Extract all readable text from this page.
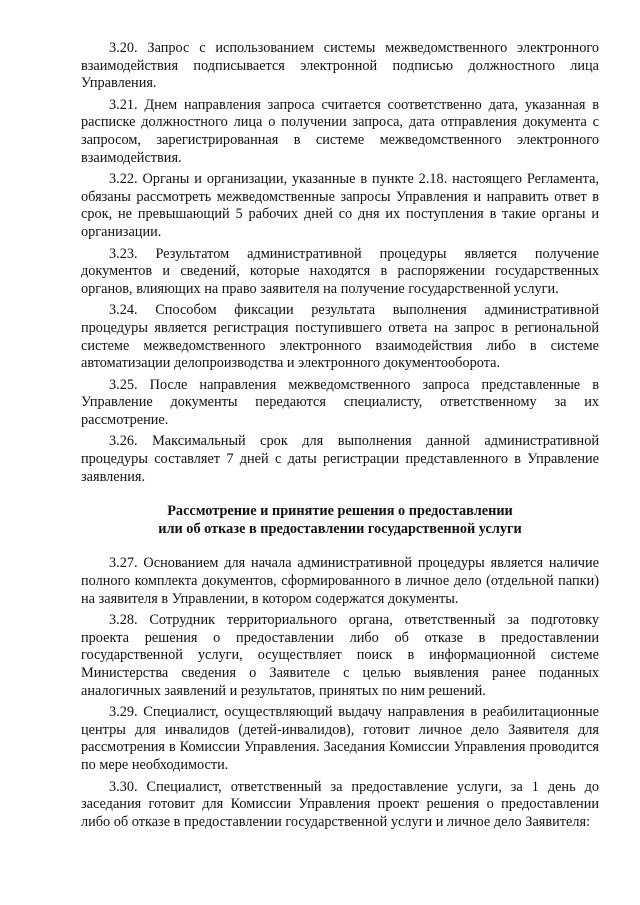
3.20. Запрос с использованием системы межведомственного электронного взаимодействия подписывается электронной подписью должностного лица Управления.

3.21. Днем направления запроса считается соответственно дата, указанная в расписке должностного лица о получении запроса, дата отправления документа с запросом, зарегистрированная в системе межведомственного электронного взаимодействия.

3.22. Органы и организации, указанные в пункте 2.18. настоящего Регламента, обязаны рассмотреть межведомственные запросы Управления и направить ответ в срок, не превышающий 5 рабочих дней со дня их поступления в такие органы и организации.

3.23. Результатом административной процедуры является получение документов и сведений, которые находятся в распоряжении государственных органов, влияющих на право заявителя на получение государственной услуги.

3.24. Способом фиксации результата выполнения административной процедуры является регистрация поступившего ответа на запрос в региональной системе межведомственного электронного взаимодействия либо в системе автоматизации делопроизводства и электронного документооборота.

3.25. После направления межведомственного запроса представленные в Управление документы передаются специалисту, ответственному за их рассмотрение.

3.26. Максимальный срок для выполнения данной административной процедуры составляет 7 дней с даты регистрации представленного в Управление заявления.

Рассмотрение и принятие решения о предоставлении
или об отказе в предоставлении государственной услуги

3.27. Основанием для начала административной процедуры является наличие полного комплекта документов, сформированного в личное дело (отдельной папки) на заявителя в Управлении, в котором содержатся документы.

3.28. Сотрудник территориального органа, ответственный за подготовку проекта решения о предоставлении либо об отказе в предоставлении государственной услуги, осуществляет поиск в информационной системе Министерства сведения о Заявителе с целью выявления ранее поданных аналогичных заявлений и результатов, принятых по ним решений.

3.29. Специалист, осуществляющий выдачу направления в реабилитационные центры для инвалидов (детей-инвалидов), готовит личное дело Заявителя для рассмотрения в Комиссии Управления. Заседания Комиссии Управления проводится по мере необходимости.

3.30. Специалист, ответственный за предоставление услуги, за 1 день до заседания готовит для Комиссии Управления проект решения о предоставлении либо об отказе в предоставлении государственной услуги и личное дело Заявителя:
